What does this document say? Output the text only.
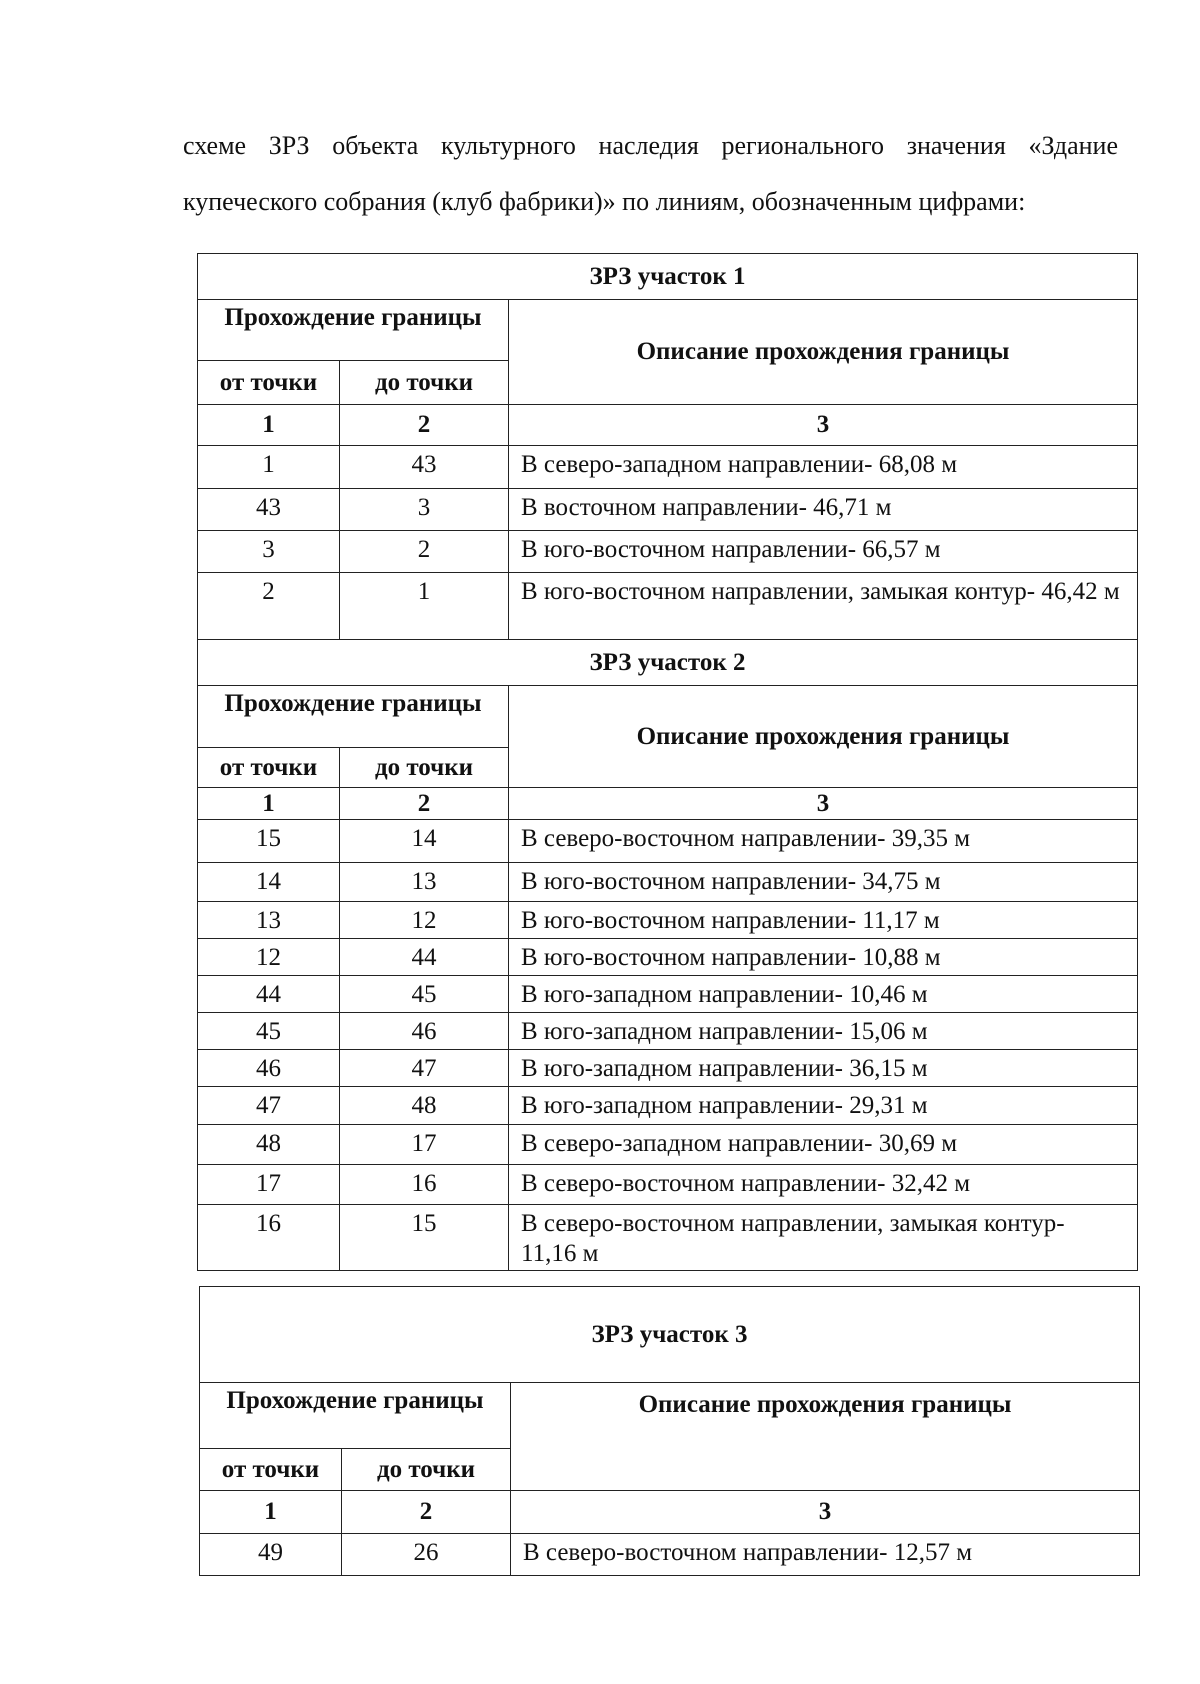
схеме ЗРЗ объекта культурного наследия регионального значения «Здание купеческого собрания (клуб фабрики)» по линиям, обозначенным цифрами:

ЗРЗ участок 1		
Прохождение границы		Описание прохождения границы
от точки	до точки	
1	2	3
1	43	В северо-западном направлении- 68,08 м
43	3	В восточном направлении- 46,71 м
3	2	В юго-восточном направлении- 66,57 м
2	1	В юго-восточном направлении, замыкая контур- 46,42 м
ЗРЗ участок 2		
Прохождение границы		Описание прохождения границы
от точки	до точки	
1	2	3
15	14	В северо-восточном направлении- 39,35 м
14	13	В юго-восточном направлении- 34,75 м
13	12	В юго-восточном направлении- 11,17 м
12	44	В юго-восточном направлении- 10,88 м
44	45	В юго-западном направлении- 10,46 м
45	46	В юго-западном направлении- 15,06 м
46	47	В юго-западном направлении- 36,15 м
47	48	В юго-западном направлении- 29,31 м
48	17	В северо-западном направлении- 30,69 м
17	16	В северо-восточном направлении- 32,42 м
16	15	В северо-восточном направлении, замыкая контур- 11,16 м
ЗРЗ участок 3		
Прохождение границы		Описание прохождения границы
от точки	до точки	
1	2	3
49	26	В северо-восточном направлении- 12,57 м
